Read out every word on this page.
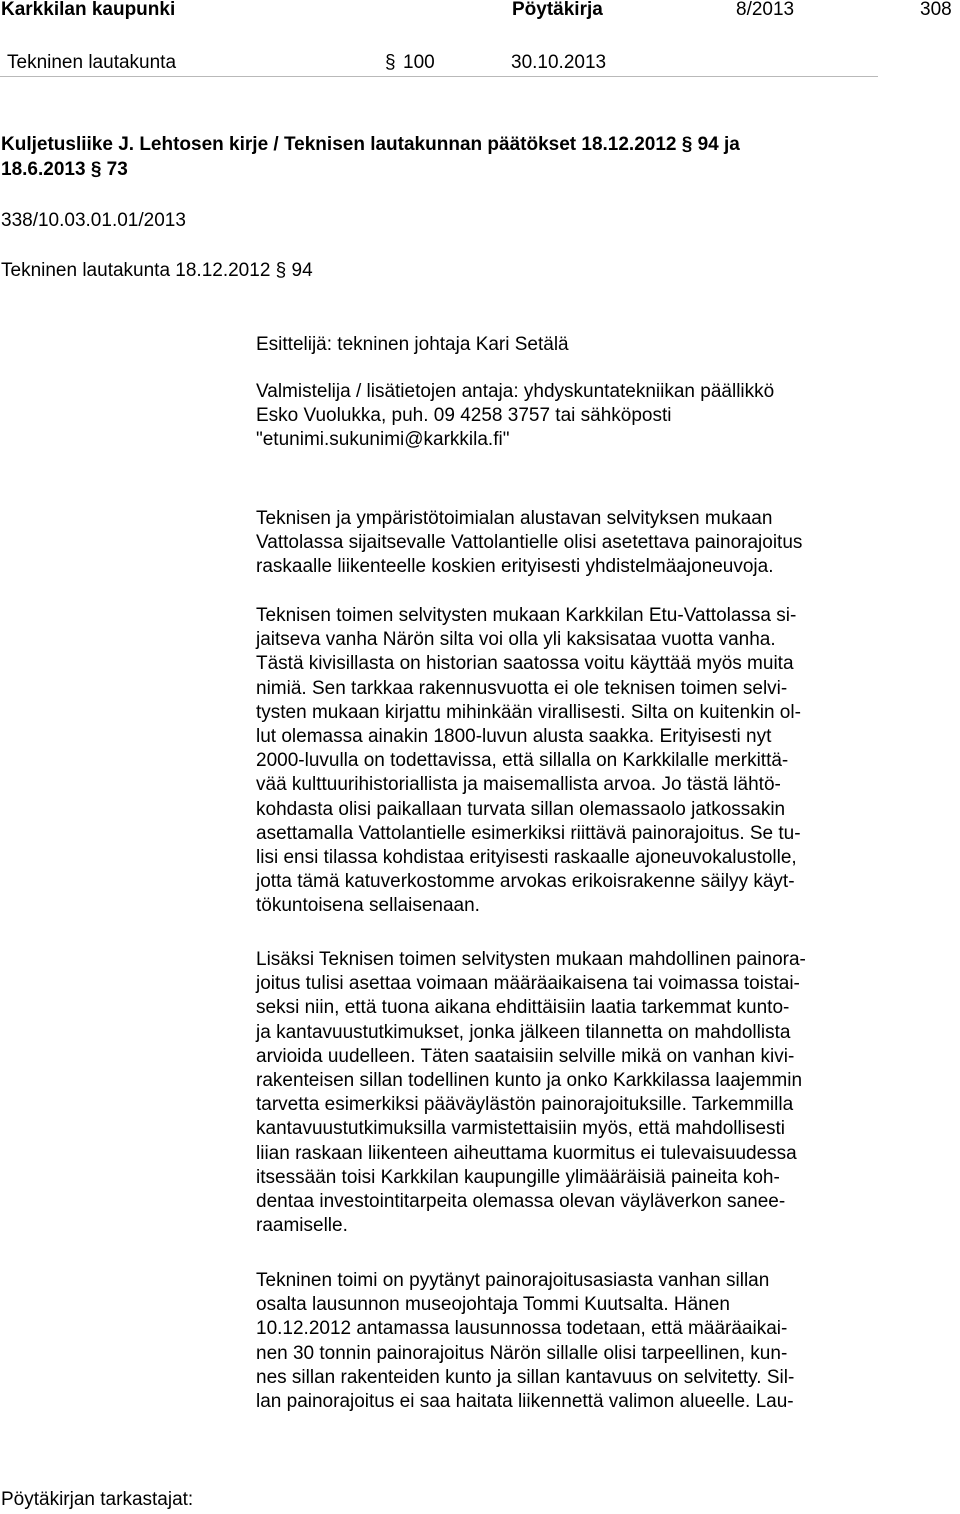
Karkkilan kaupunki	Pöytäkirja	8/2013	308
Tekninen lautakunta	§ 100	30.10.2013
Kuljetusliike J. Lehtosen kirje / Teknisen lautakunnan päätökset 18.12.2012 § 94 ja
18.6.2013 § 73
338/10.03.01.01/2013
Tekninen lautakunta 18.12.2012 § 94
Esittelijä: tekninen johtaja Kari Setälä
Valmistelija / lisätietojen antaja: yhdyskuntatekniikan päällikkö
Esko Vuolukka, puh. 09 4258 3757 tai sähköposti
"etunimi.sukunimi@karkkila.fi"
Teknisen ja ympäristötoimialan alustavan selvityksen mukaan
Vattolassa sijaitsevalle Vattolantielle olisi asetettava painorajoitus
raskaalle liikenteelle koskien erityisesti yhdistelmäajoneuvoja.
Teknisen toimen selvitysten mukaan Karkkilan Etu-Vattolassa si-
jaitseva vanha Närön silta voi olla yli kaksisataa vuotta vanha.
Tästä kivisillasta on historian saatossa voitu käyttää myös muita
nimiä. Sen tarkkaa rakennusvuotta ei ole teknisen toimen selvi-
tysten mukaan kirjattu mihinkään virallisesti. Silta on kuitenkin ol-
lut olemassa ainakin 1800-luvun alusta saakka. Erityisesti nyt
2000-luvulla on todettavissa, että sillalla on Karkkilalle merkittä-
vää kulttuurihistoriallista ja maisemallista arvoa. Jo tästä lähtö-
kohdasta olisi paikallaan turvata sillan olemassaolo jatkossakin
asettamalla Vattolantielle esimerkiksi riittävä painorajoitus. Se tu-
lisi ensi tilassa kohdistaa erityisesti raskaalle ajoneuvokalustolle,
jotta tämä katuverkostomme arvokas erikoisrakenne säilyy käyt-
tökuntoisena sellaisenaan.
Lisäksi Teknisen toimen selvitysten mukaan mahdollinen painora-
joitus tulisi asettaa voimaan määräaikaisena tai voimassa toistai-
seksi niin, että tuona aikana ehdittäisiin laatia tarkemmat kunto-
ja kantavuustutkimukset, jonka jälkeen tilannetta on mahdollista
arvioida uudelleen. Täten saataisiin selville mikä on vanhan kivi-
rakenteisen sillan todellinen kunto ja onko Karkkilassa laajemmin
tarvetta esimerkiksi pääväylästön painorajoituksille. Tarkemmilla
kantavuustutkimuksilla varmistettaisiin myös, että mahdollisesti
liian raskaan liikenteen aiheuttama kuormitus ei tulevaisuudessa
itsessään toisi Karkkilan kaupungille ylimääräisiä paineita koh-
dentaa investointitarpeita olemassa olevan väyläverkon saneе-
raamiselle.
Tekninen toimi on pyytänyt painorajoitusasiasta vanhan sillan
osalta lausunnon museojohtaja Tommi Kuutsalta. Hänen
10.12.2012 antamassa lausunnossa todetaan, että määräaikai-
nen 30 tonnin painorajoitus Närön sillalle olisi tarpeellinen, kun-
nes sillan rakenteiden kunto ja sillan kantavuus on selvitetty. Sil-
lan painorajoitus ei saa haitata liikennettä valimon alueelle. Lau-
Pöytäkirjan tarkastajat:
